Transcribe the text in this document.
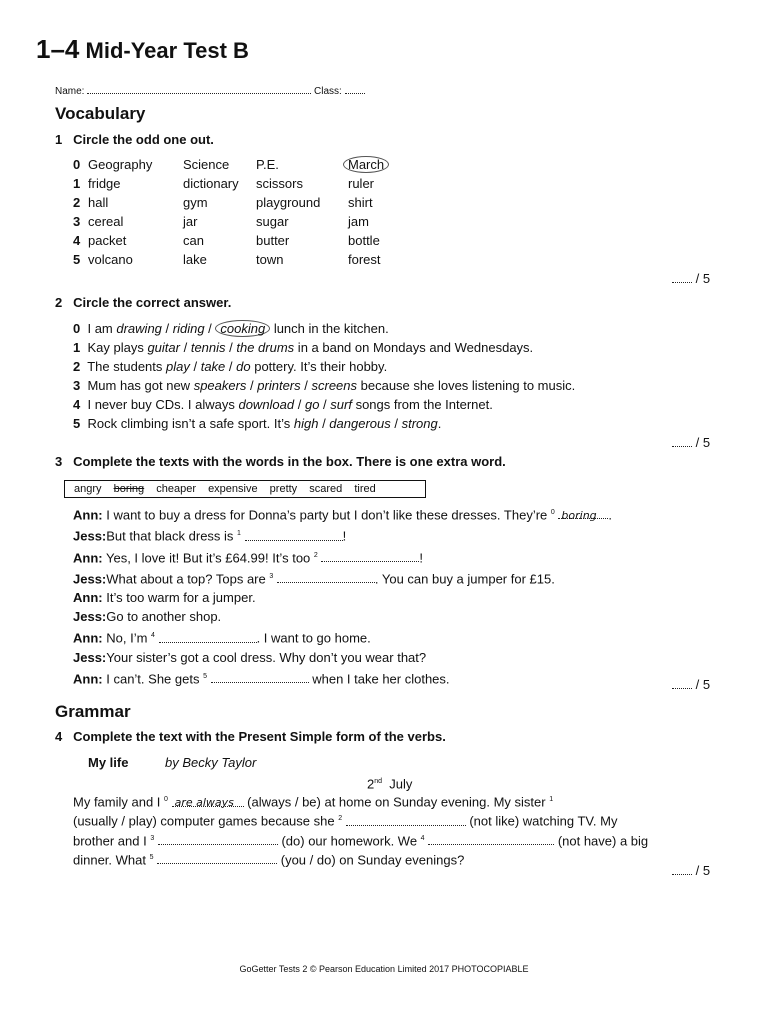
1–4 Mid-Year Test B
Name:	Class:
Vocabulary
1 Circle the odd one out.
0	Geography	Science	P.E.	March
1	fridge	dictionary	scissors	ruler
2	hall	gym	playground	shirt
3	cereal	jar	sugar	jam
4	packet	can	butter	bottle
5	volcano	lake	town	forest
/ 5
2 Circle the correct answer.
0 I am drawing / riding / cooking lunch in the kitchen.
1 Kay plays guitar / tennis / the drums in a band on Mondays and Wednesdays.
2 The students play / take / do pottery. It’s their hobby.
3 Mum has got new speakers / printers / screens because she loves listening to music.
4 I never buy CDs. I always download / go / surf songs from the Internet.
5 Rock climbing isn’t a safe sport. It’s high / dangerous / strong.
/ 5
3 Complete the texts with the words in the box. There is one extra word.
angry boring cheaper expensive pretty scared tired
Ann: I want to buy a dress for Donna’s party but I don’t like these dresses. They’re $^0$ boring .
Jess:But that black dress is $^1$	!
Ann: Yes, I love it! But it’s £64.99! It’s too $^2$	!
Jess:What about a top? Tops are $^3$	. You can buy a jumper for £15.
Ann: It’s too warm for a jumper.
Jess:Go to another shop.
Ann: No, I’m $^4$	. I want to go home.
Jess:Your sister’s got a cool dress. Why don’t you wear that?
Ann: I can’t. She gets $^5$	when I take her clothes.	/ 5
Grammar
4 Complete the text with the Present Simple form of the verbs.
My life	by Becky Taylor
2nd July
My family and I $^0$ are always (always / be) at home on Sunday evening. My sister $^1$
(usually / play) computer games because she $^2$	(not like) watching TV. My
brother and I $^3$	(do) our homework. We $^4$	(not have) a big
dinner. What $^5$	(you / do) on Sunday evenings?
/ 5
GoGetter Tests 2 © Pearson Education Limited 2017 PHOTOCOPIABLE
